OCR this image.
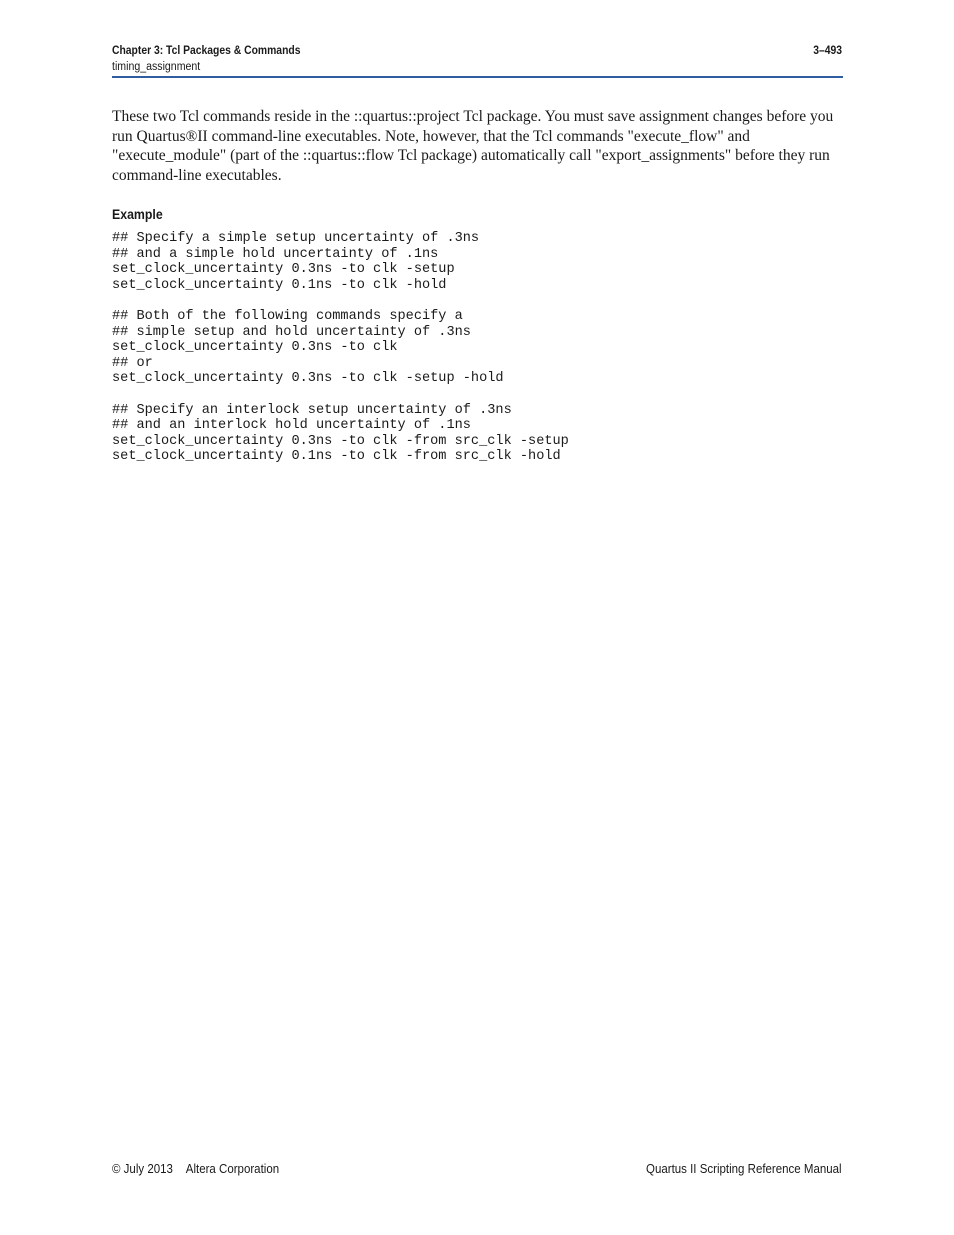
Chapter 3: Tcl Packages & Commands
timing_assignment
3–493

These two Tcl commands reside in the ::quartus::project Tcl package. You must save assignment changes before you run Quartus®II command-line executables. Note, however, that the Tcl commands "execute_flow" and "execute_module" (part of the ::quartus::flow Tcl package) automatically call "export_assignments" before they run command-line executables.

Example
## Specify a simple setup uncertainty of .3ns
## and a simple hold uncertainty of .1ns
set_clock_uncertainty 0.3ns -to clk -setup
set_clock_uncertainty 0.1ns -to clk -hold
## Both of the following commands specify a
## simple setup and hold uncertainty of .3ns
set_clock_uncertainty 0.3ns -to clk
## or
set_clock_uncertainty 0.3ns -to clk -setup -hold
## Specify an interlock setup uncertainty of .3ns
## and an interlock hold uncertainty of .1ns
set_clock_uncertainty 0.3ns -to clk -from src_clk -setup
set_clock_uncertainty 0.1ns -to clk -from src_clk -hold
© July 2013 Altera Corporation	Quartus II Scripting Reference Manual
